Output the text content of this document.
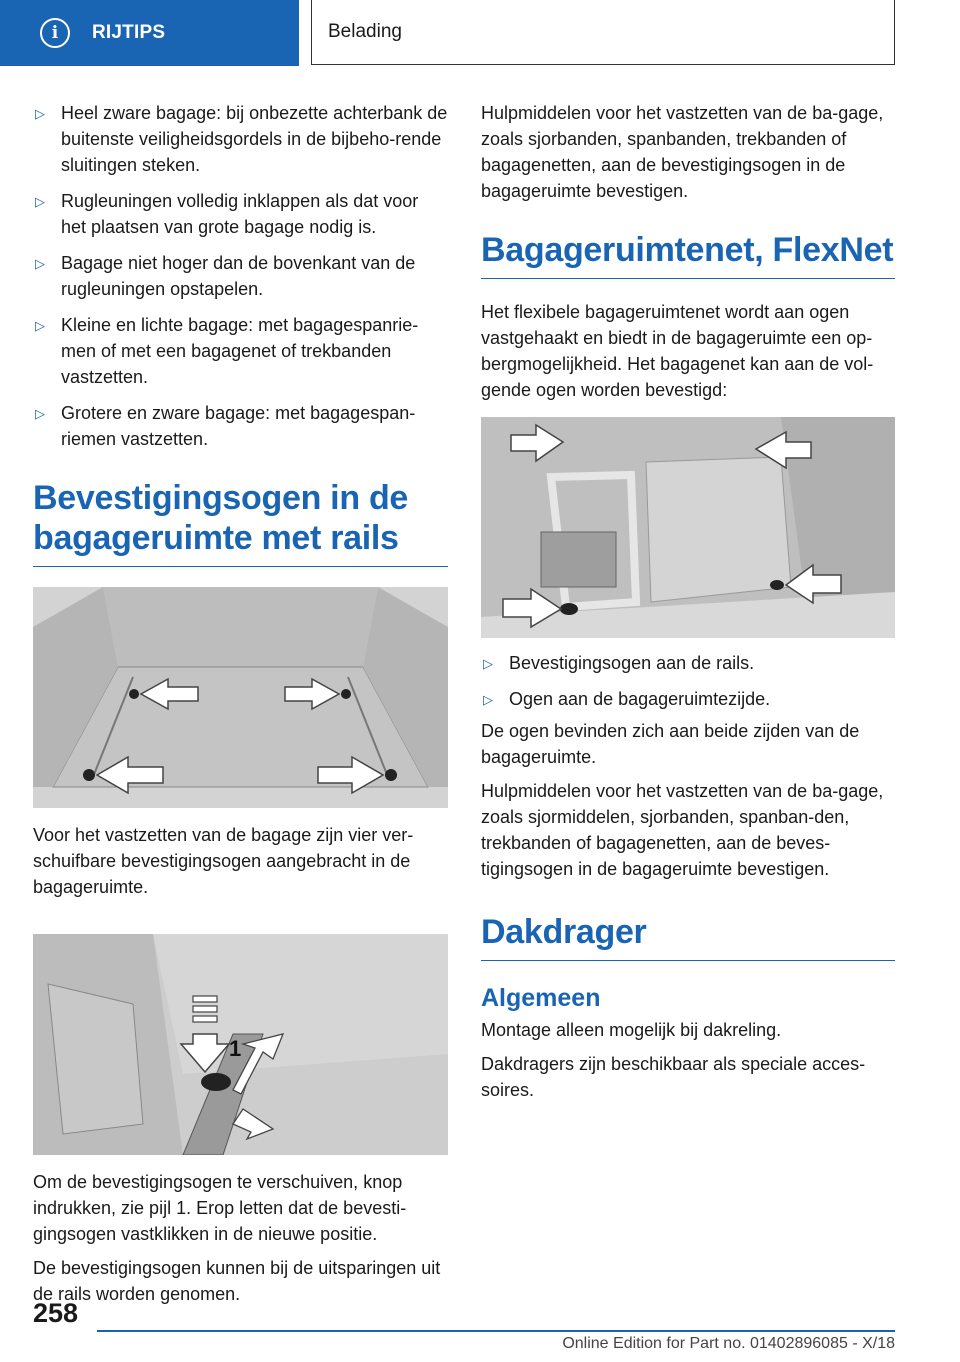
i	RIJTIPS	Belading
▷ Heel zware bagage: bij onbezette achterbank de buitenste veiligheidsgordels in de bijbeho-rende sluitingen steken.
▷ Rugleuningen volledig inklappen als dat voor het plaatsen van grote bagage nodig is.
▷ Bagage niet hoger dan de bovenkant van de rugleuningen opstapelen.
▷ Kleine en lichte bagage: met bagagespanrie-men of met een bagagenet of trekbanden vastzetten.
▷ Grotere en zware bagage: met bagagespan-riemen vastzetten.
Bevestigingsogen in de bagageruimte met rails
Voor het vastzetten van de bagage zijn vier ver-schuifbare bevestigingsogen aangebracht in de bagageruimte.
1
Om de bevestigingsogen te verschuiven, knop indrukken, zie pijl 1. Erop letten dat de bevesti-gingsogen vastklikken in de nieuwe positie.
De bevestigingsogen kunnen bij de uitsparingen uit de rails worden genomen.
Hulpmiddelen voor het vastzetten van de ba-gage, zoals sjorbanden, spanbanden, trekbanden of bagagenetten, aan de bevestigingsogen in de bagageruimte bevestigen.
Bagageruimtenet, FlexNet
Het flexibele bagageruimtenet wordt aan ogen vastgehaakt en biedt in de bagageruimte een op-bergmogelijkheid. Het bagagenet kan aan de vol-gende ogen worden bevestigd:
▷ Bevestigingsogen aan de rails.
▷ Ogen aan de bagageruimtezijde.
De ogen bevinden zich aan beide zijden van de bagageruimte.
Hulpmiddelen voor het vastzetten van de ba-gage, zoals sjormiddelen, sjorbanden, spanban-den, trekbanden of bagagenetten, aan de beves-tigingsogen in de bagageruimte bevestigen.
Dakdrager
Algemeen
Montage alleen mogelijk bij dakreling.
Dakdragers zijn beschikbaar als speciale acces-soires.
258
Online Edition for Part no. 01402896085 - X/18
